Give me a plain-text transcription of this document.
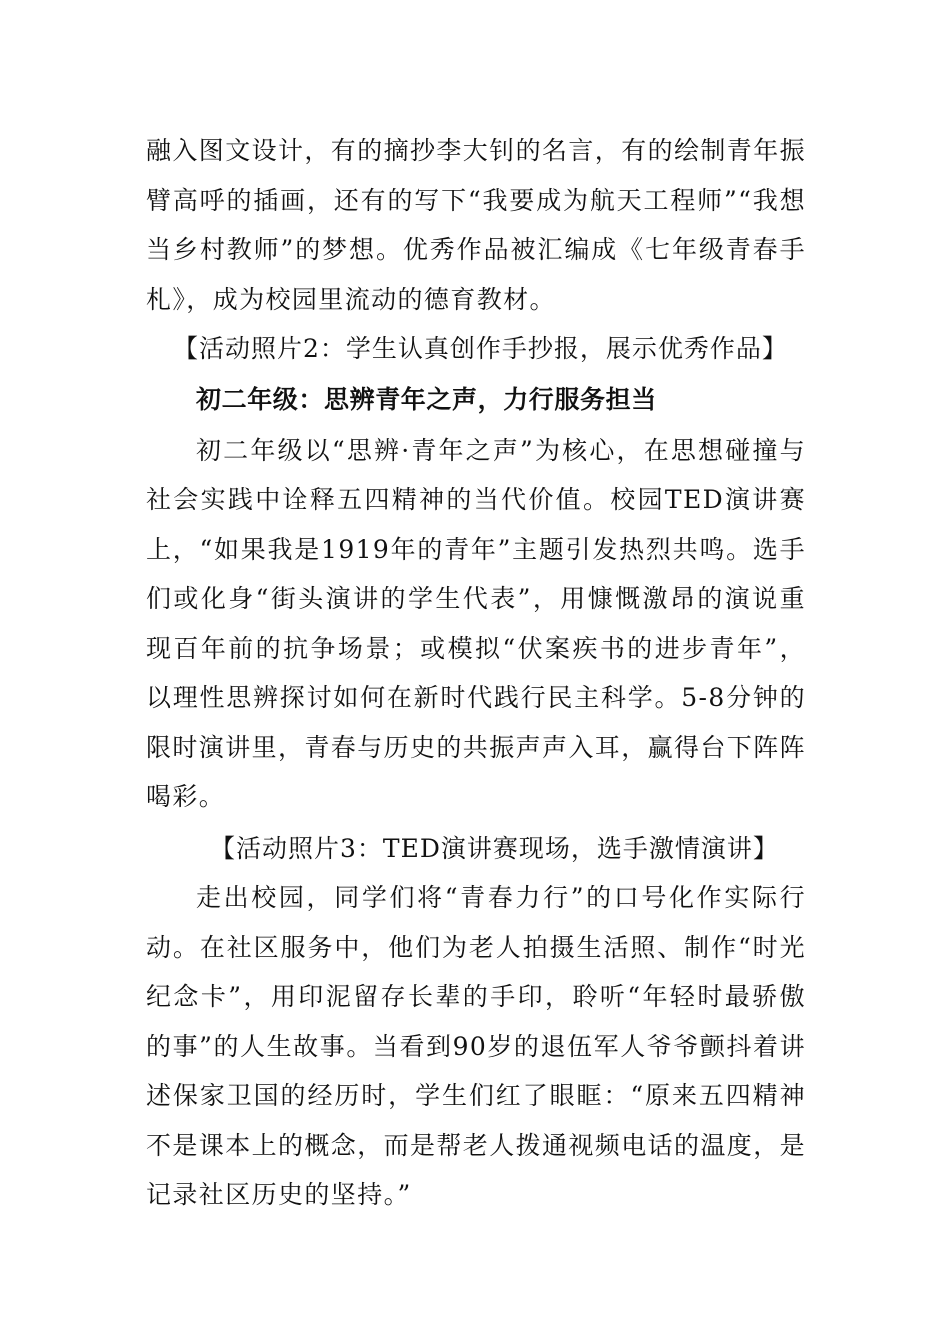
融入图文设计，有的摘抄李大钊的名言，有的绘制青年振臂高呼的插画，还有的写下“我要成为航天工程师”“我想当乡村教师”的梦想。优秀作品被汇编成《七年级青春手札》，成为校园里流动的德育教材。

【活动照片2：学生认真创作手抄报，展示优秀作品】

初二年级：思辨青年之声，力行服务担当

初二年级以“思辨·青年之声”为核心，在思想碰撞与社会实践中诠释五四精神的当代价值。校园TED演讲赛上，“如果我是1919年的青年”主题引发热烈共鸣。选手们或化身“街头演讲的学生代表”，用慷慨激昂的演说重现百年前的抗争场景；或模拟“伏案疾书的进步青年”，以理性思辨探讨如何在新时代践行民主科学。5-8分钟的限时演讲里，青春与历史的共振声声入耳，赢得台下阵阵喝彩。

【活动照片3：TED演讲赛现场，选手激情演讲】

走出校园，同学们将“青春力行”的口号化作实际行动。在社区服务中，他们为老人拍摄生活照、制作“时光纪念卡”，用印泥留存长辈的手印，聆听“年轻时最骄傲的事”的人生故事。当看到90岁的退伍军人爷爷颤抖着讲述保家卫国的经历时，学生们红了眼眶：“原来五四精神不是课本上的概念，而是帮老人拨通视频电话的温度，是记录社区历史的坚持。”
